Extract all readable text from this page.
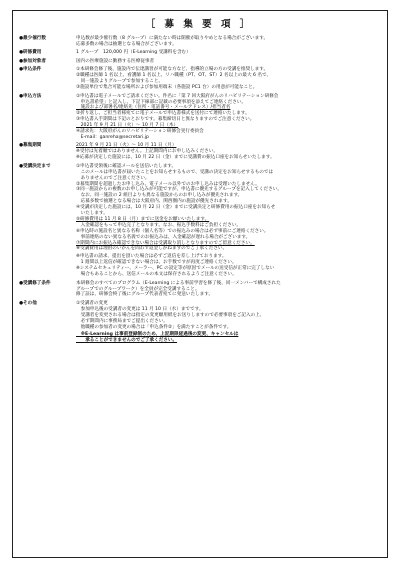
［ 募 集 要 項 ］
●最少催行数	申込数が最少催行数（8 グループ）に満たない時は開催が取りやめとなる場合がございます。
応募多数の場合は抽選となる場合がございます。
●研修費用	1 グループ　120,000 円（E-Learning 受講料を含む）
●参加対象者	国内の医療施設に勤務する医療従事者
●申込条件	①本研修会修了後、施設内で伝達講習が可能な方など、指導的立場の方の受講を推奨します。
②職種は医師 1 名以上、看護師 1 名以上、リハ職種（PT、OT、ST）2 名以上の最大 6 名で、
　同一施設よりグループで参加すること。
③施設単位で集合可能な場所および参加用端末（各施設 PC1 台）の用意が可能なこと。
●申込方法	①申込書は電子メールでご請求ください。件名に「第 7 回大阪府がんのリハビリテーション研修会
　申込書希望」と記入し、下記下線部に記載の必要事項を添えてご連絡ください。
　施設および部署名/連絡先（住所・電話番号・メールアドレス）/担当者名
②折り返し、ご担当者様宛てに電子メールで申込書様式を送付にて連絡いたします。
③申込書入手期間は下記のとおりです。募集締切日と異なりますのでご注意ください。
　2021 年 9 月 21 日（火）～ 10 月 7 日（木）
④請求先：大阪府がんのリハビリテーション研修会実行委員会
　E-mail：ganreha@secretari.jp
●募集期間	2021 年 9 月 21 日（火）～ 10 月 11 日（月）
※受付は先着順ではありません。上記期間内にお申し込みください。
※応募が決定した施設には、10 月 22 日（金）までに受講費の振込口座をお知らせいたします。
●受講決定まで	①申込書受領後に確認メールを送信いたします。
　このメールは申込書が届いたことをお知らせするもので、受講の決定をお知らせするものでは
　ありませんのでご注意ください。
②募集期間を超過したお申し込み、電子メール以外でのお申し込みは受理いたしません。
③同一施設からの複数のお申し込みが可能ですが、申込書に優先するグループを記入してください。
　なお、同一施設の 2 組目よりも異なる施設からのお申し込みが優先されます。
　応募多数で抽選となる場合は大阪府内、関西圏内の施設が優先されます。
④受講が決定した施設には、10 月 22 日（金）までに受講決定と研修費用の振込口座をお知らせ
　いたします。
⑤研修費用は 11 月 8 日（月）までに送金をお願いいたします。
　入金確認をもって申込完了となります。なお、振込手数料はご負担ください。
⑥申込時の施設名と異なる名称（個人名等）での振込みの場合は必ず事前にご連絡ください。
　事前連絡のない異なる名義でのお振込みは、入金確認が遅れる場合がございます。
⑦期間内にお振込み確認できない場合は受講取り消しとなりますのでご留意ください。
⑧受講費用は理由のいかんを問わず返金しかねますのでご了承ください。
※申込書の請求、提出を頂いた場合は必ずご返信を差し上げております。
　1 週間以上返信が確認できない場合は、お手数ですが再度ご連絡ください。
※システムセキュリティー、メーラー、PC の設定等が原因でメールの送受信が正常に完了しない
　場合もあることから、送信メールの本文は保存されるようご注意ください。
●受講修了条件	本研修会のすべてのプログラム（E-Learning による事前学習を修了後、同一メンバーで構成された
グループでのグループワーク）を全員が完全受講すること。
修了証は、研修会終了後にグループ代表者宛てに発送いたします。
●その他	①受講者の変更
　参加申込後の受講者の変更は 11 月 10 日（水）までです。
　受講者を変更される場合は指定の変更願用紙をお送りしますので必要事項をご記入の上、
　必ず期間内に事務局までご提出ください。
　他職種の参加者の変更の場合は「申込条件②」を満たすことが条件です。
　※E-Learning は事前登録制のため、上記期限経過後の変更、キャンセルは
　　承ることができませんのでご了承ください。
